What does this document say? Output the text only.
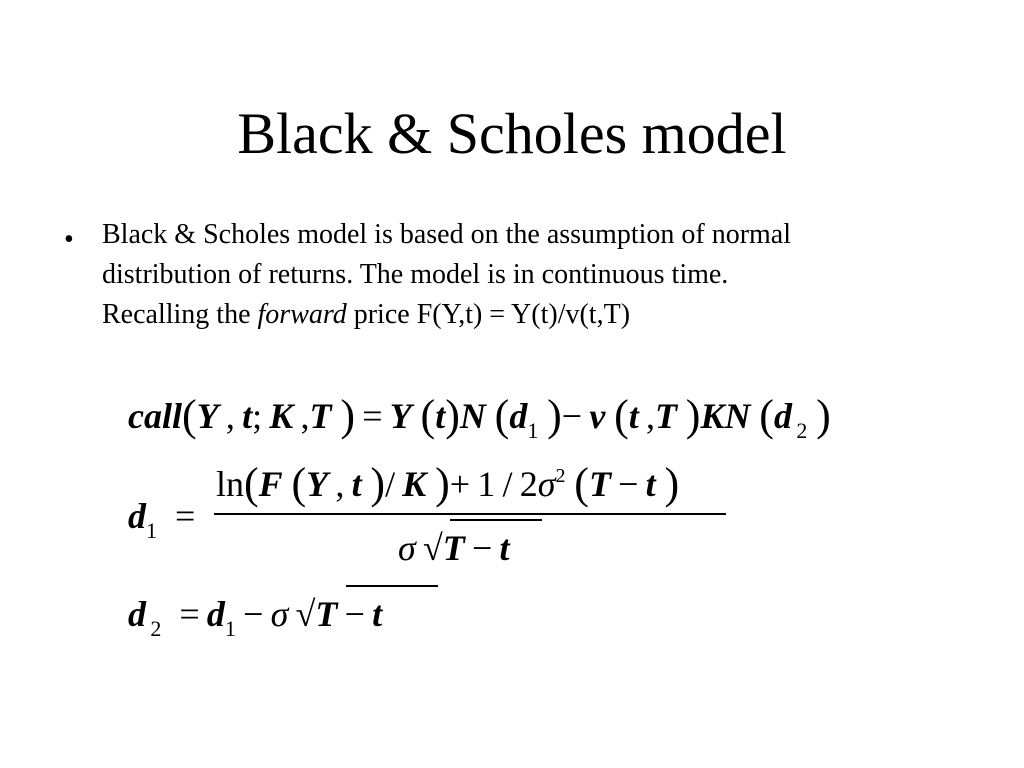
Black & Scholes model
• Black & Scholes model is based on the assumption of normal
distribution of returns. The model is in continuous time.
Recalling the forward price F(Y,t) = Y(t)/v(t,T)
call(Y , t; K ,T ) = Y (t)N ($d_1$ )− v (t ,T )KN (d $_2$ )
$d_1$  =
ln(F (Y , t )/ K )+ $1 / 2\sigma^2$ (T − t )
σ √T − t
d $_2 = d_1 - \sigma$ √T − t
